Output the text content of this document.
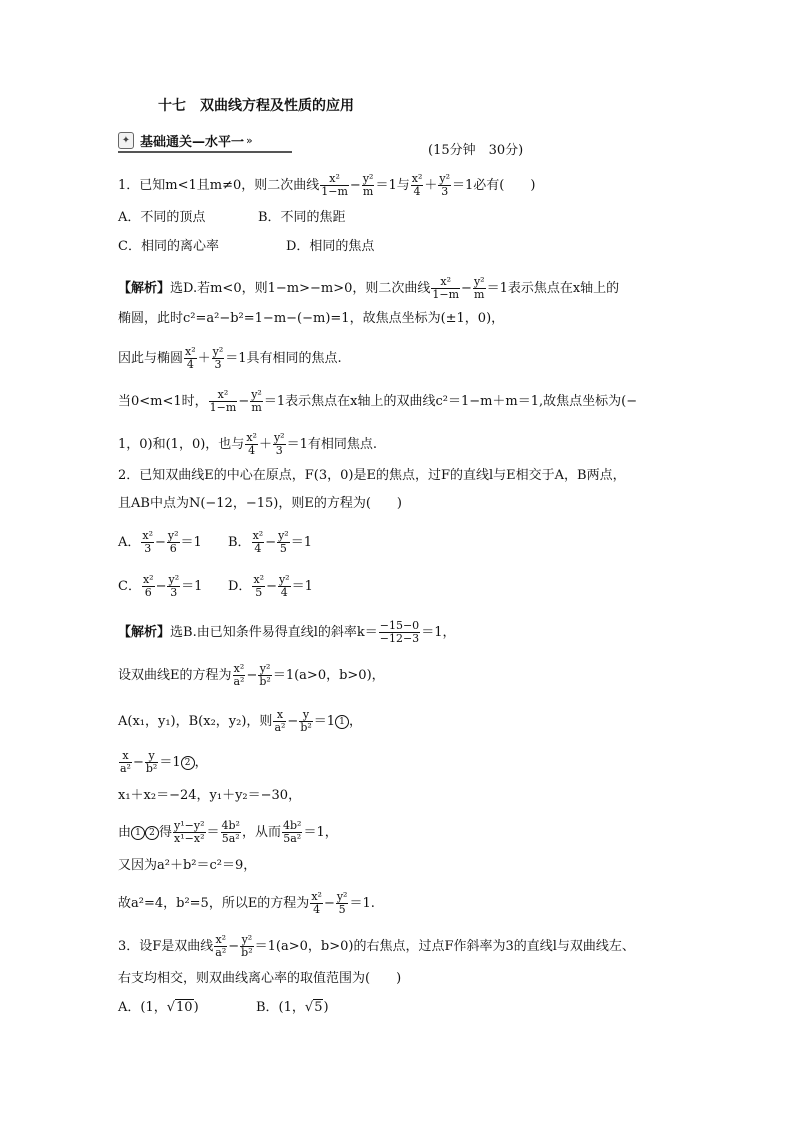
十七　双曲线方程及性质的应用
✦ 基础通关—水平一 »
(15分钟　30分)
1．已知m<1且m≠0，则二次曲线 $\frac{\text{x²}}{1-m} - \frac{\text{y²}}{m} =1$与 $\frac{\text{x²}}{4} + \frac{\text{y²}}{3} =1$必有(　　)
A．不同的顶点	B．不同的焦距
C．相同的离心率	D．相同的焦点
【解析】选D.若m<0，则1−m>−m>0，则二次曲线 $\frac{\text{x²}}{1-m} - \frac{\text{y²}}{m} =1$表示焦点在x轴上的
椭圆，此时c²=a²−b²=1−m−(−m)=1，故焦点坐标为(±1，0)，
因此与椭圆 $\frac{\text{x²}}{4} + \frac{\text{y²}}{3} =1$具有相同的焦点.
当0<m<1时， $\frac{\text{x²}}{1-m} - \frac{\text{y²}}{m} =1$表示焦点在x轴上的双曲线c²＝1−m＋m＝1,故焦点坐标为(−
1，0)和(1，0)，也与 $\frac{\text{x²}}{4} + \frac{\text{y²}}{3} =1$有相同焦点.
2．已知双曲线E的中心在原点，F(3，0)是E的焦点，过F的直线l与E相交于A，B两点，
且AB中点为N(−12，−15)，则E的方程为(　　)
A． $\frac{\text{x²}}{3} - \frac{\text{y²}}{6} =1$ B． $\frac{\text{x²}}{4} - \frac{\text{y²}}{5} =1$
C． $\frac{\text{x²}}{6} - \frac{\text{y²}}{3} =1$ D． $\frac{\text{x²}}{5} - \frac{\text{y²}}{4} =1$
【解析】选B.由已知条件易得直线l的斜率$k= \frac{-15-0}{-12-3} =1$，
设双曲线E的方程为 $\frac{\text{x²}}{\text{a²}} - \frac{\text{y²}}{\text{b²}} =1(a>0$，b>0)，
A(x₁，y₁)，B(x₂，y₂)，则 $\frac{x}{\text{a²}} - \frac{y}{\text{b²}} =1$ 1 ，
$\frac{x}{\text{a²}} - \frac{y}{\text{b²}} =1$ 2 ，
x₁＋x₂＝−24，y₁＋y₂＝−30，
由 1 2 得 $\frac{\text{y¹−y²}}{\text{x¹−x²}} = \frac{\text{4b²}}{\text{5a²}}$ ，从而 $\frac{\text{4b²}}{\text{5a²}} =1$，
又因为a²＋b²＝c²＝9，
故a²=4，b²=5，所以E的方程为 $\frac{\text{x²}}{4} - \frac{\text{y²}}{5} =1$.
3．设F是双曲线 $\frac{\text{x²}}{\text{a²}} - \frac{\text{y²}}{\text{b²}} =1(a>0$，b>0)的右焦点，过点F作斜率为3的直线l与双曲线左、
右支均相交，则双曲线离心率的取值范围为(　　)
A．(1，√10)	B．(1，√5)
